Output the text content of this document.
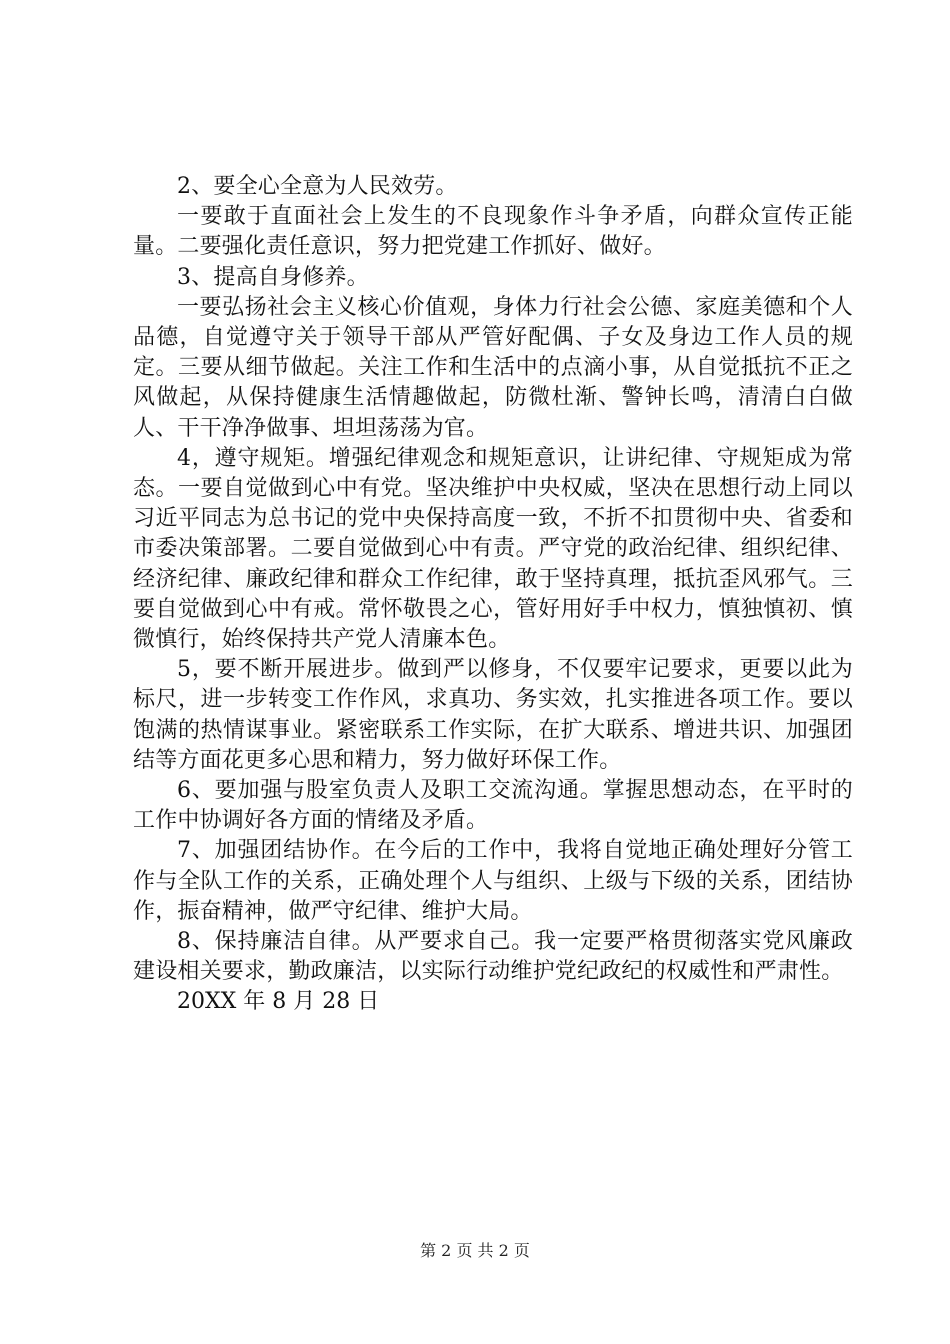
2、要全心全意为人民效劳。

一要敢于直面社会上发生的不良现象作斗争矛盾，向群众宣传正能量。二要强化责任意识，努力把党建工作抓好、做好。

3、提高自身修养。

一要弘扬社会主义核心价值观，身体力行社会公德、家庭美德和个人品德，自觉遵守关于领导干部从严管好配偶、子女及身边工作人员的规定。三要从细节做起。关注工作和生活中的点滴小事，从自觉抵抗不正之风做起，从保持健康生活情趣做起，防微杜渐、警钟长鸣，清清白白做人、干干净净做事、坦坦荡荡为官。

4，遵守规矩。增强纪律观念和规矩意识，让讲纪律、守规矩成为常态。一要自觉做到心中有党。坚决维护中央权威，坚决在思想行动上同以习近平同志为总书记的党中央保持高度一致，不折不扣贯彻中央、省委和市委决策部署。二要自觉做到心中有责。严守党的政治纪律、组织纪律、经济纪律、廉政纪律和群众工作纪律，敢于坚持真理，抵抗歪风邪气。三要自觉做到心中有戒。常怀敬畏之心，管好用好手中权力，慎独慎初、慎微慎行，始终保持共产党人清廉本色。

5，要不断开展进步。做到严以修身，不仅要牢记要求，更要以此为标尺，进一步转变工作作风，求真功、务实效，扎实推进各项工作。要以饱满的热情谋事业。紧密联系工作实际，在扩大联系、增进共识、加强团结等方面花更多心思和精力，努力做好环保工作。

6、要加强与股室负责人及职工交流沟通。掌握思想动态，在平时的工作中协调好各方面的情绪及矛盾。

7、加强团结协作。在今后的工作中，我将自觉地正确处理好分管工作与全队工作的关系，正确处理个人与组织、上级与下级的关系，团结协作，振奋精神，做严守纪律、维护大局。

8、保持廉洁自律。从严要求自己。我一定要严格贯彻落实党风廉政建设相关要求，勤政廉洁，以实际行动维护党纪政纪的权威性和严肃性。

20XX 年 8 月 28 日

第 2 页 共 2 页
